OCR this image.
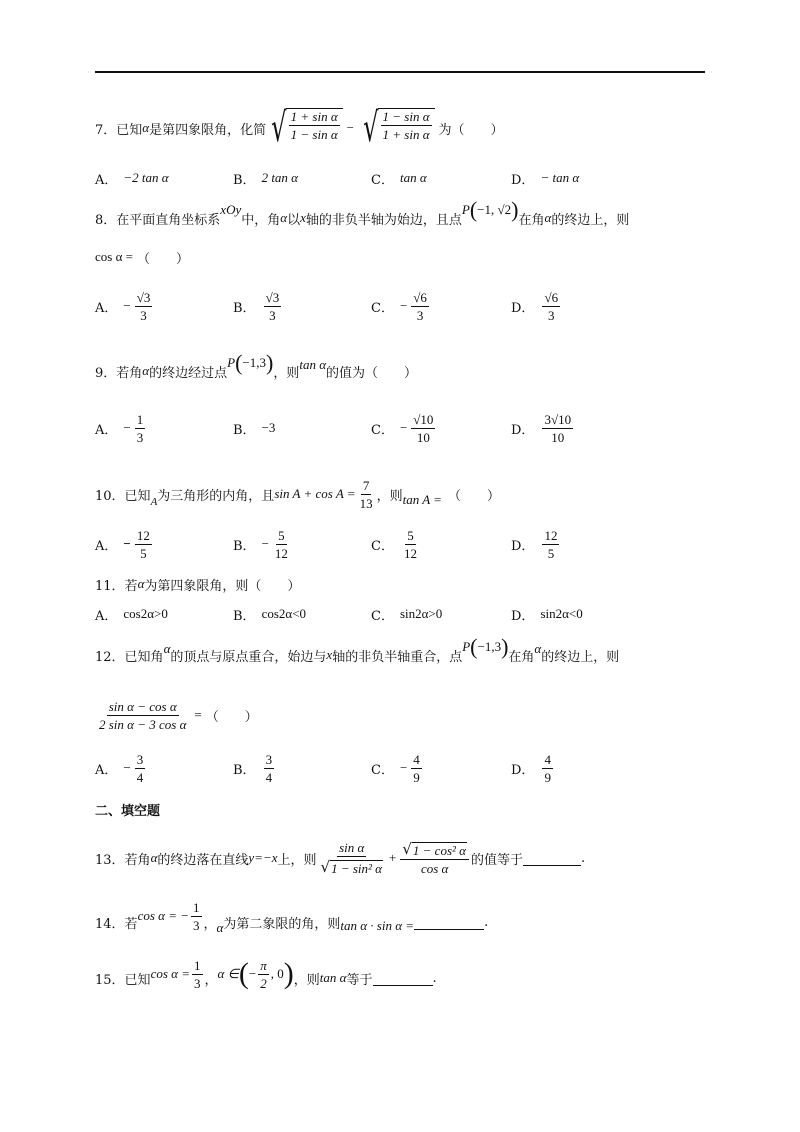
7． 已知 α 是第四象限角，化简 √ $\frac{\text{1 + sin α}}{\text{1 − sin α}}$ − √ $\frac{\text{1 − sin α}}{\text{1 + sin α}}$ 为（　　）
A． −2 tan α	B． 2 tan α	C． tan α	D． − tan α
8． 在平面直角坐标系
xOy
中，角 α 以 x 轴的非负半轴为始边，且点
P ( −1, √2 ) 在角 α 的终边上，则
cos α = （　　）
A． − $\frac{√3}{3}$	B． $\frac{√3}{3}$	C． − $\frac{√6}{3}$	D． $\frac{√6}{3}$
9． 若角 α 的终边经过点
P ( −1,3 ) ，则
tan α
的值为（　　）
A． − $\frac{1}{3}$	B． −3	C． − $\frac{√10}{10}$	D． $\frac{3√10}{10}$
10． 已知 A 为三角形的内角，且 $\sin A + \cos A = \frac{7}{13}$ ，则 tan A = （　　）
A． − $\frac{12}{5}$	B． − $\frac{5}{12}$	C． $\frac{5}{12}$	D． $\frac{12}{5}$
11． 若 α 为第四象限角，则（　　）
A． cos2α>0	B． cos2α<0	C． sin2α>0	D． sin2α<0
12． 已知角
α
的顶点与原点重合，始边与 x 轴的非负半轴重合，点
P ( −1,3 ) 在角
α
的终边上，则
$\frac{\text{sin α − cos α}}{\text{2 sin α − 3 cos α}}$ = （　　）
A． − $\frac{3}{4}$	B． $\frac{3}{4}$	C． − $\frac{4}{9}$	D． $\frac{4}{9}$
二、填空题
13． 若角 α 的终边落在直线 y=−x 上，则 $\frac{\text{sin α}}{\text{√ 1 − sin² α}} + \frac{\text{√ 1 − cos² α}}{\text{cos α}}$ 的值等于	.
14． 若
cos α = − $\frac{1}{3}$ ， α 为第二象限的角，则 tan α · sin α =	.
15． 已知 $\cos \alpha = \frac{1}{3}$ ， α ∈ ( − $\frac{\pi}{2}$ , 0 ) ，则 tan α 等于	.
